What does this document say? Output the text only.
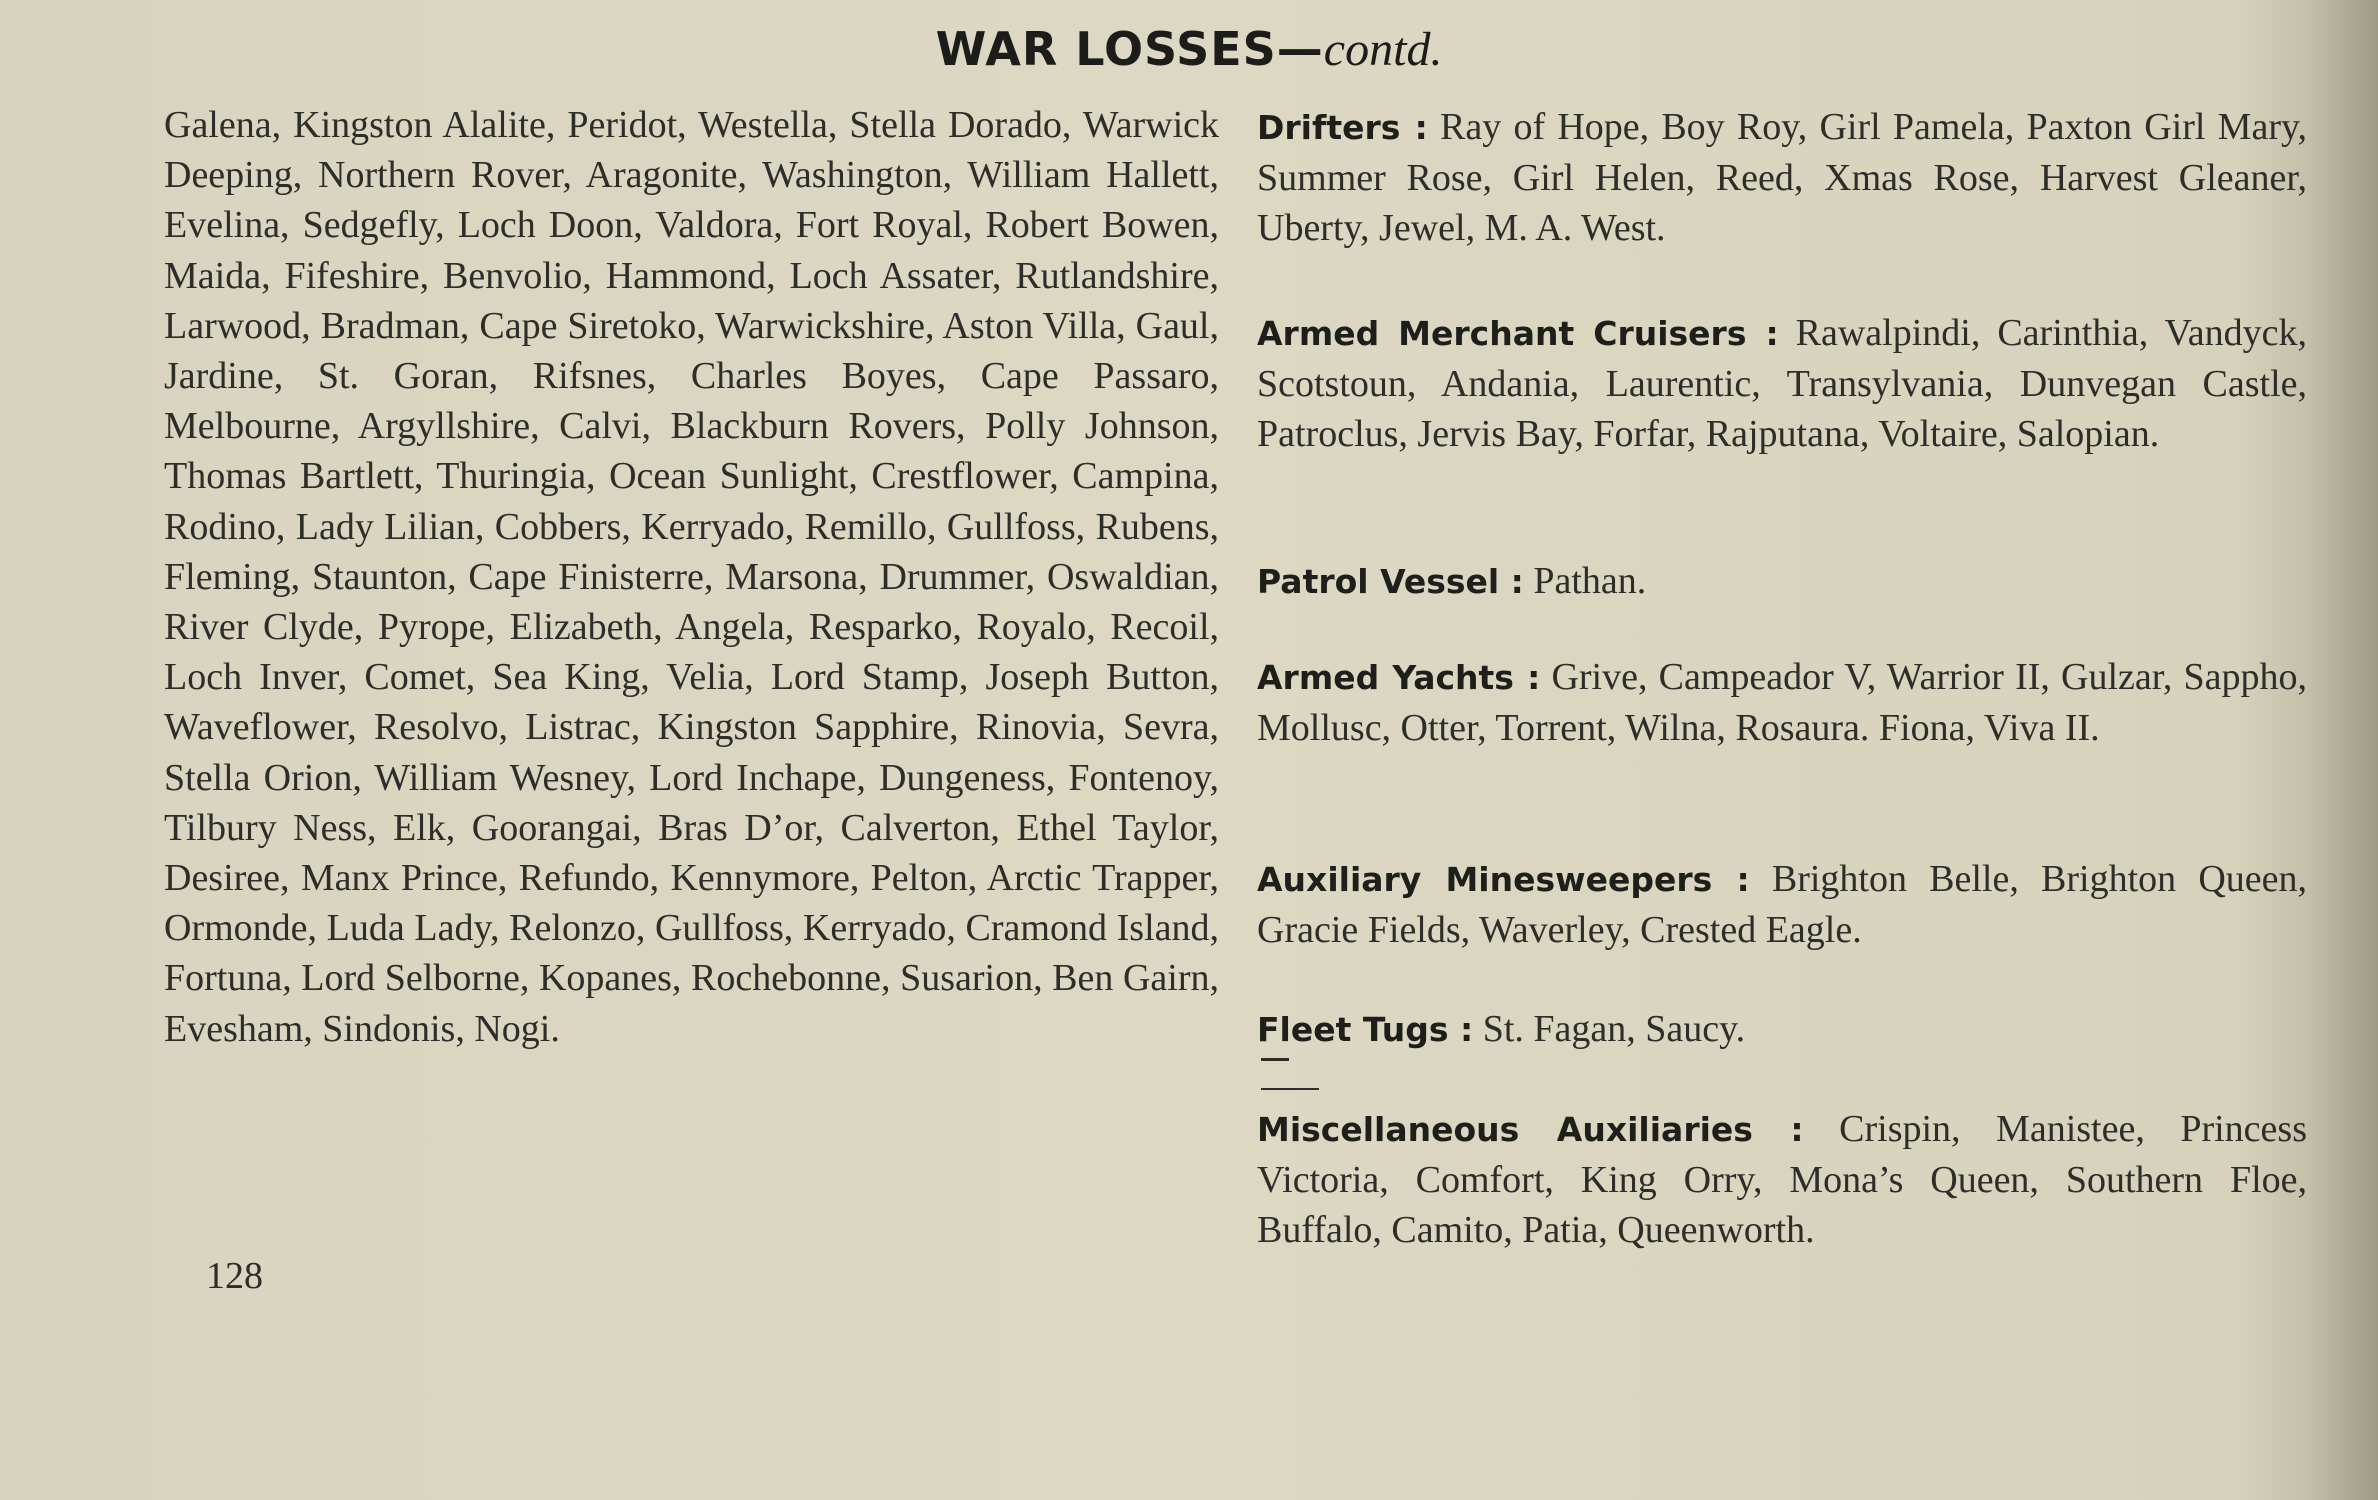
WAR LOSSES—contd.
Galena, Kingston Alalite, Peridot, Westella, Stella Dorado, Warwick Deeping, Northern Rover, Aragonite, Washington, William Hallett, Evelina, Sedgefly, Loch Doon, Valdora, Fort Royal, Robert Bowen, Maida, Fifeshire, Benvolio, Hammond, Loch Assater, Rutlandshire, Larwood, Bradman, Cape Siretoko, Warwickshire, Aston Villa, Gaul, Jardine, St. Goran, Rifsnes, Charles Boyes, Cape Passaro, Melbourne, Argyllshire, Calvi, Blackburn Rovers, Polly Johnson, Thomas Bartlett, Thuringia, Ocean Sunlight, Crestflower, Campina, Rodino, Lady Lilian, Cobbers, Kerryado, Remillo, Gullfoss, Rubens, Fleming, Staunton, Cape Finisterre, Marsona, Drummer, Oswaldian, River Clyde, Pyrope, Elizabeth, Angela, Resparko, Royalo, Recoil, Loch Inver, Comet, Sea King, Velia, Lord Stamp, Joseph Button, Waveflower, Resolvo, Listrac, Kingston Sapphire, Rinovia, Sevra, Stella Orion, William Wesney, Lord Inchape, Dungeness, Fontenoy, Tilbury Ness, Elk, Goorangai, Bras D’or, Calverton, Ethel Taylor, Desiree, Manx Prince, Refundo, Kennymore, Pelton, Arctic Trapper, Ormonde, Luda Lady, Relonzo, Gullfoss, Kerryado, Cramond Island, Fortuna, Lord Selborne, Kopanes, Rochebonne, Susarion, Ben Gairn, Evesham, Sindonis, Nogi.
128
Drifters : Ray of Hope, Boy Roy, Girl Pamela, Paxton Girl Mary, Summer Rose, Girl Helen, Reed, Xmas Rose, Harvest Gleaner, Uberty, Jewel, M. A. West.
Armed Merchant Cruisers : Rawalpindi, Carinthia, Vandyck, Scotstoun, Andania, Laurentic, Transylvania, Dunvegan Castle, Patroclus, Jervis Bay, Forfar, Rajputana, Voltaire, Salopian.
Patrol Vessel : Pathan.
Armed Yachts : Grive, Campeador V, Warrior II, Gulzar, Sappho, Mollusc, Otter, Torrent, Wilna, Rosaura. Fiona, Viva II.
Auxiliary Minesweepers : Brighton Belle, Brighton Queen, Gracie Fields, Waverley, Crested Eagle.
Fleet Tugs : St. Fagan, Saucy.
Miscellaneous Auxiliaries : Crispin, Manistee, Princess Victoria, Comfort, King Orry, Mona’s Queen, Southern Floe, Buffalo, Camito, Patia, Queenworth.
